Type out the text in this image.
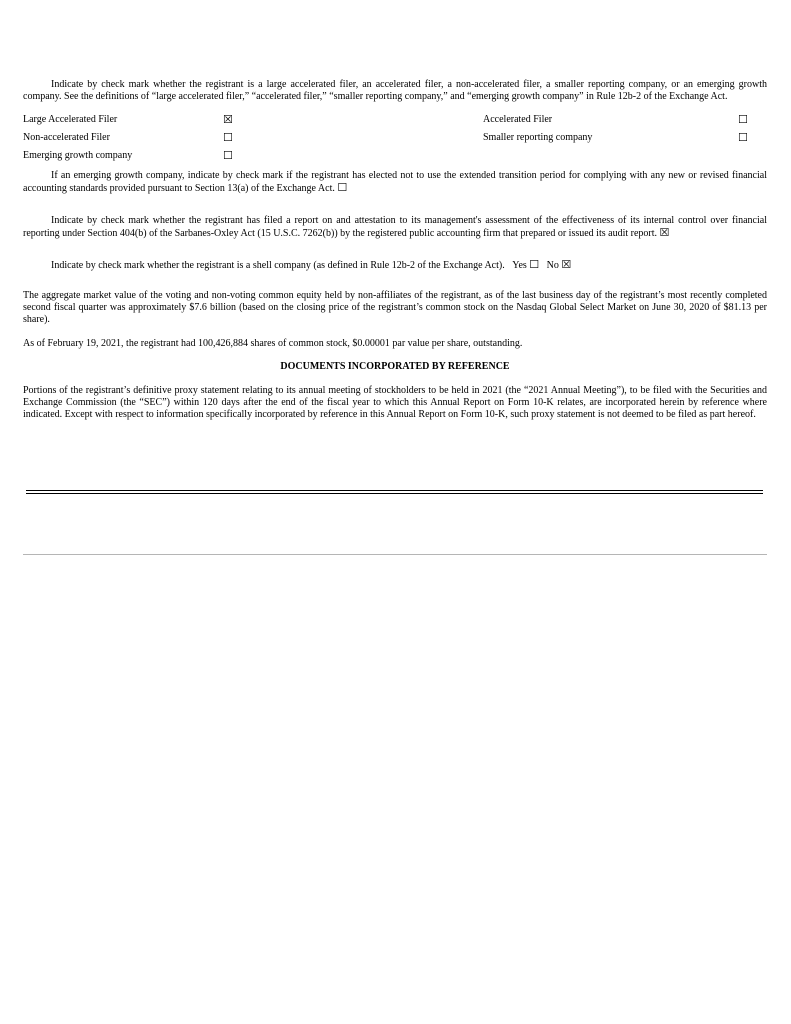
Indicate by check mark whether the registrant is a large accelerated filer, an accelerated filer, a non-accelerated filer, a smaller reporting company, or an emerging growth company. See the definitions of “large accelerated filer,” “accelerated filer,” “smaller reporting company,” and “emerging growth company” in Rule 12b-2 of the Exchange Act.

Large Accelerated Filer	☒	Accelerated Filer	☐
Non-accelerated Filer	☐	Smaller reporting company	☐
Emerging growth company	☐		

If an emerging growth company, indicate by check mark if the registrant has elected not to use the extended transition period for complying with any new or revised financial accounting standards provided pursuant to Section 13(a) of the Exchange Act. ☐

Indicate by check mark whether the registrant has filed a report on and attestation to its management's assessment of the effectiveness of its internal control over financial reporting under Section 404(b) of the Sarbanes-Oxley Act (15 U.S.C. 7262(b)) by the registered public accounting firm that prepared or issued its audit report. ☒

Indicate by check mark whether the registrant is a shell company (as defined in Rule 12b-2 of the Exchange Act). Yes ☐ No ☒

The aggregate market value of the voting and non-voting common equity held by non-affiliates of the registrant, as of the last business day of the registrant’s most recently completed second fiscal quarter was approximately $7.6 billion (based on the closing price of the registrant’s common stock on the Nasdaq Global Select Market on June 30, 2020 of $81.13 per share).

As of February 19, 2021, the registrant had 100,426,884 shares of common stock, $0.00001 par value per share, outstanding.

DOCUMENTS INCORPORATED BY REFERENCE

Portions of the registrant’s definitive proxy statement relating to its annual meeting of stockholders to be held in 2021 (the “2021 Annual Meeting”), to be filed with the Securities and Exchange Commission (the “SEC”) within 120 days after the end of the fiscal year to which this Annual Report on Form 10-K relates, are incorporated herein by reference where indicated. Except with respect to information specifically incorporated by reference in this Annual Report on Form 10-K, such proxy statement is not deemed to be filed as part hereof.
